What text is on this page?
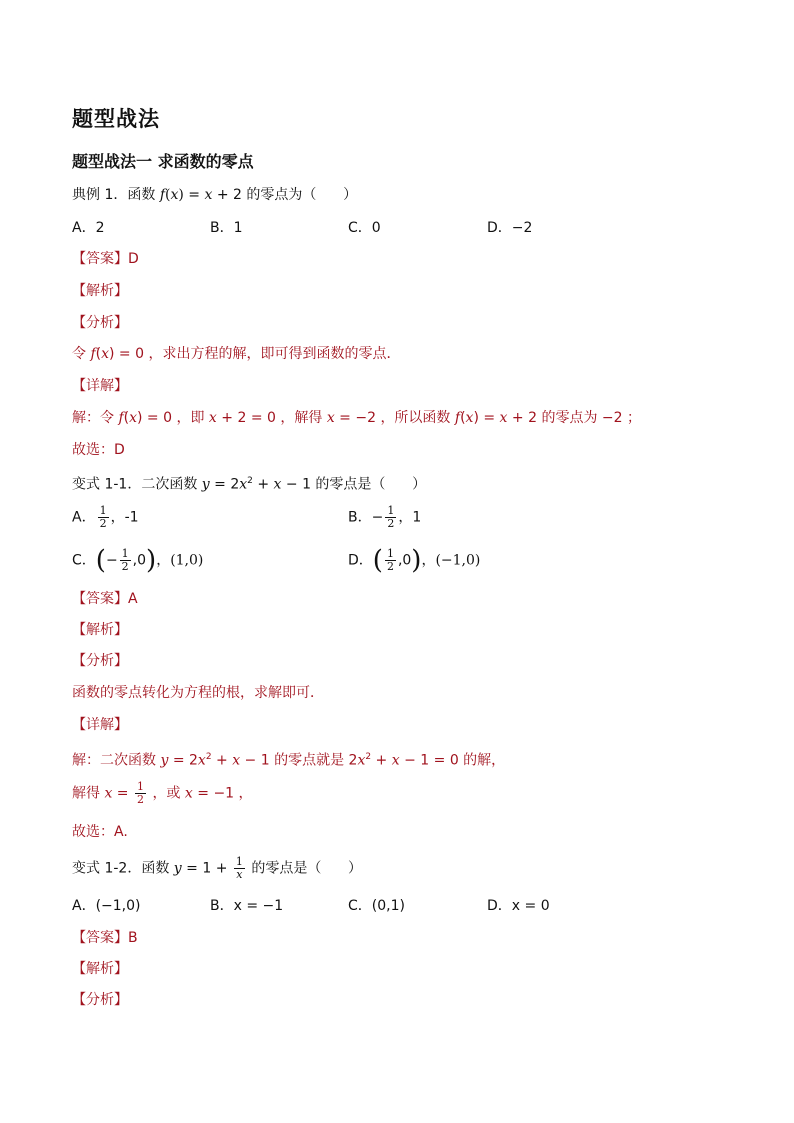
题型战法
题型战法一 求函数的零点
典例 1．函数 f(x) = x + 2 的零点为（      ）
A．2	B．1	C．0	D．−2
【答案】D
【解析】
【分析】
令 f(x) = 0 ，求出方程的解，即可得到函数的零点．
【详解】
解：令 f(x) = 0 ，即 x + 2 = 0 ，解得 x = −2 ，所以函数 f(x) = x + 2 的零点为 −2 ；
故选：D
变式 1-1．二次函数 $y = 2x^2 + x - 1$ 的零点是（      ）
A． $\frac{1}{2}$ ，-1	B．− $\frac{1}{2}$ ，1
C．(− $\frac{1}{2} ,0$)，(1,0)	D．( $\frac{1}{2} ,0$)，(−1,0)
【答案】A
【解析】
【分析】
函数的零点转化为方程的根，求解即可．
【详解】
解：二次函数 $y = 2x^2 + x - 1$ 的零点就是 $2x^2 + x - 1 = 0$ 的解，
解得 $x = \frac{1}{2}$ ，或 x = −1 ，
故选：A.
变式 1-2．函数 $y = 1 + \frac{1}{x}$ 的零点是（      ）
A．(−1,0)	B．x = −1	C．(0,1)	D．x = 0
【答案】B
【解析】
【分析】
